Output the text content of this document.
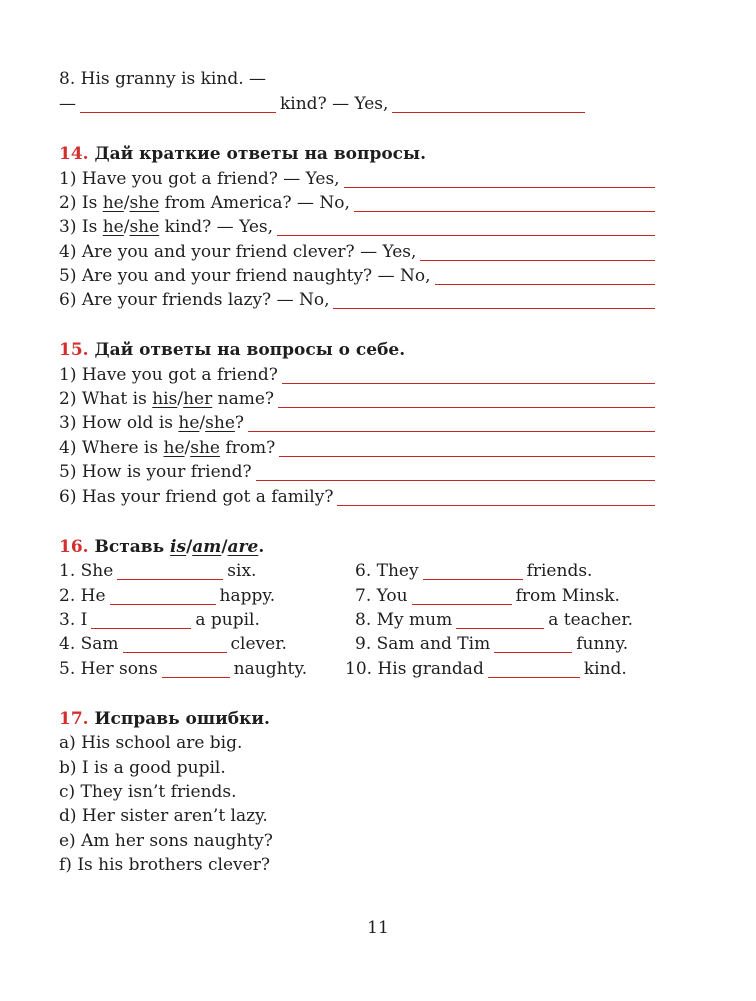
8. His granny is kind. —
—	kind? — Yes,
14.
Дай краткие ответы на вопросы.
1) Have you got a friend? — Yes,
2) Is he / she
from America? — No,
3) Is he / she
kind? — Yes,
4) Are you and your friend clever? — Yes,
5) Are you and your friend naughty? — No,
6) Are your friends lazy? — No,
15.
Дай ответы на вопросы о себе.
1) Have you got a friend?
2) What is his / her name?
3) How old is he / she ?
4) Where is he / she from?
5) How is your friend?
6) Has your friend got a family?
16.
Вставь
is / am / are .
1. She	six.
2. He	happy.
3. I	a pupil.
4. Sam	clever.
5. Her sons	naughty.
6. They	friends.
7. You	from Minsk.
8. My mum	a teacher.
9. Sam and Tim	funny.
10. His grandad	kind.
17.
Исправь ошибки.
a) His school are big.
b) I is a good pupil.
c) They isn’t friends.
d) Her sister aren’t lazy.
e) Am her sons naughty?
f) Is his brothers clever?
11
